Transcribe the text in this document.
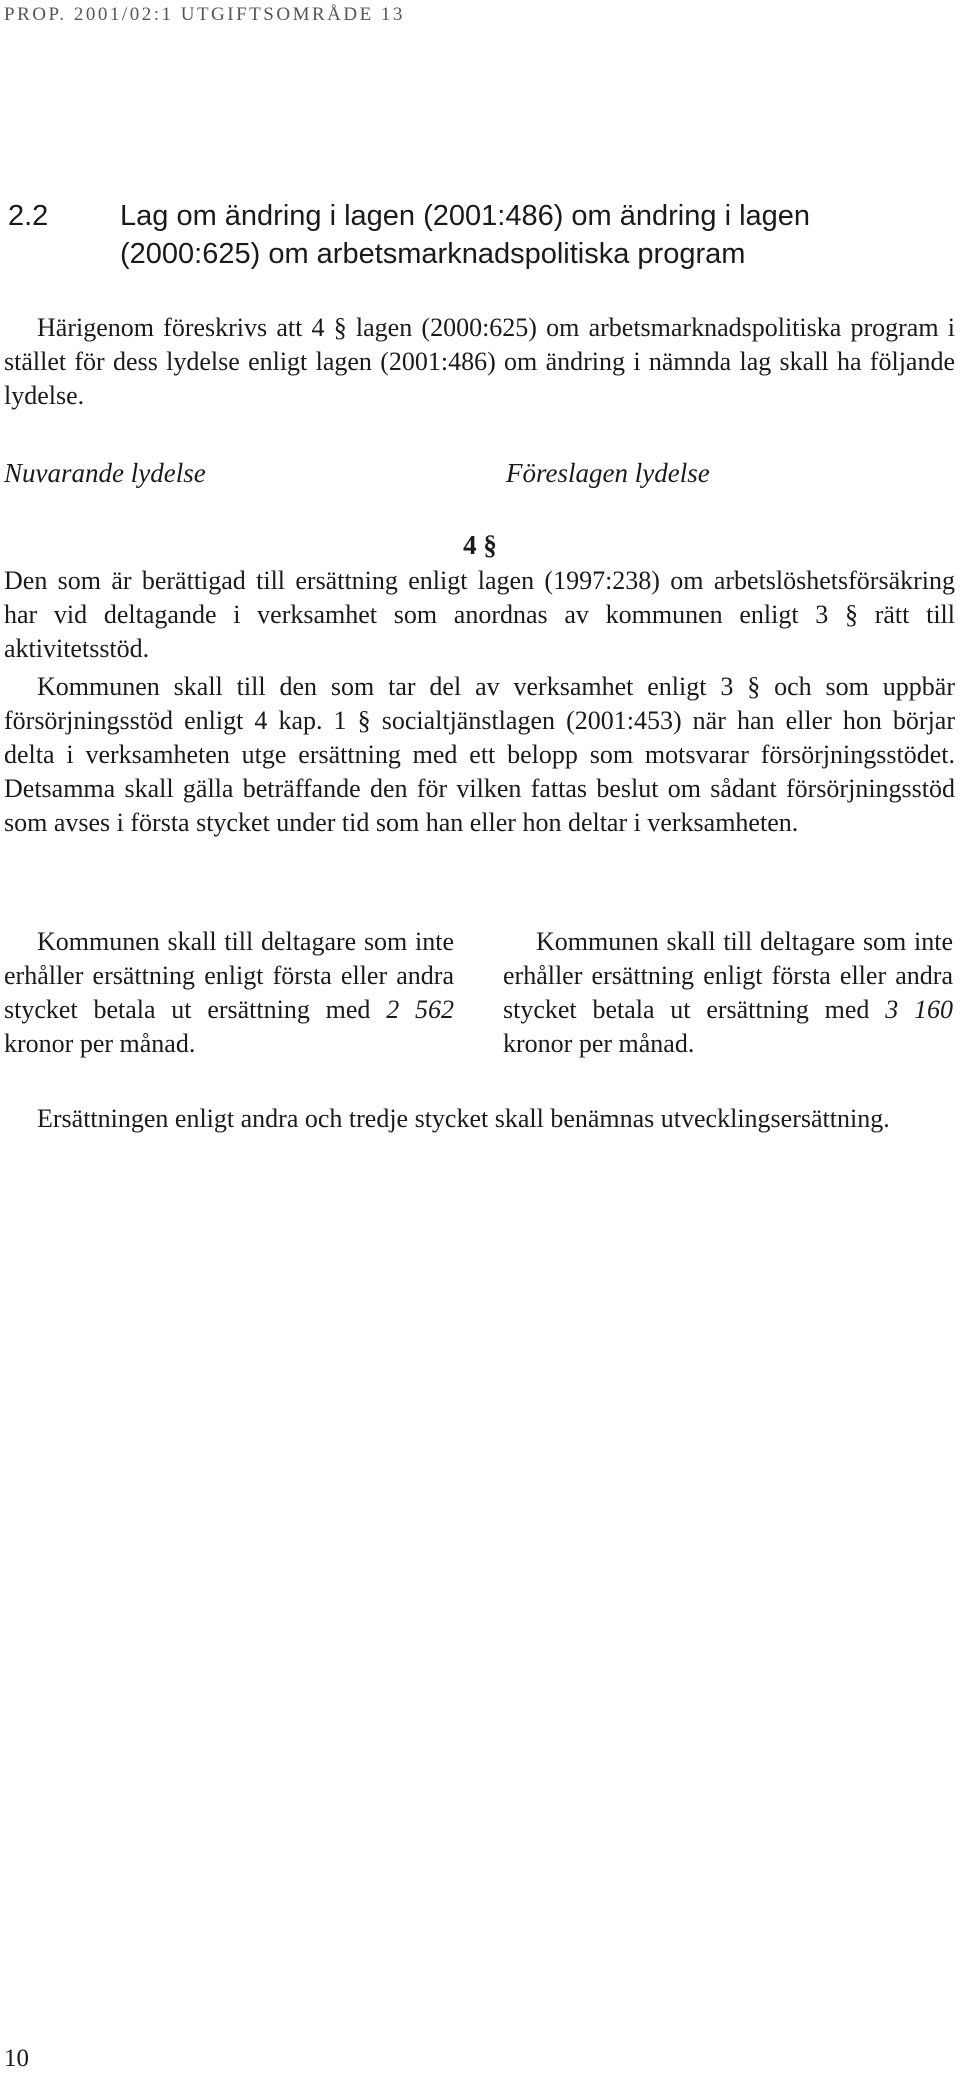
PROP. 2001/02:1 UTGIFTSOMRÅDE 13
2.2 Lag om ändring i lagen (2001:486) om ändring i lagen (2000:625) om arbetsmarknadspolitiska program
Härigenom föreskrivs att 4 § lagen (2000:625) om arbetsmarknadspolitiska program i stället för dess lydelse enligt lagen (2001:486) om ändring i nämnda lag skall ha följande lydelse.
Nuvarande lydelse	Föreslagen lydelse
4 §
Den som är berättigad till ersättning enligt lagen (1997:238) om arbetslöshetsförsäkring har vid deltagande i verksamhet som anordnas av kommunen enligt 3 § rätt till aktivitetsstöd.
Kommunen skall till den som tar del av verksamhet enligt 3 § och som uppbär försörjningsstöd enligt 4 kap. 1 § socialtjänstlagen (2001:453) när han eller hon börjar delta i verksamheten utge ersättning med ett belopp som motsvarar försörjningsstödet. Detsamma skall gälla beträffande den för vilken fattas beslut om sådant försörjningsstöd som avses i första stycket under tid som han eller hon deltar i verksamheten.
Kommunen skall till deltagare som inte erhåller ersättning enligt första eller andra stycket betala ut ersättning med 2 562 kronor per månad.
Kommunen skall till deltagare som inte erhåller ersättning enligt första eller andra stycket betala ut ersättning med 3 160 kronor per månad.
Ersättningen enligt andra och tredje stycket skall benämnas utvecklingsersättning.
10
